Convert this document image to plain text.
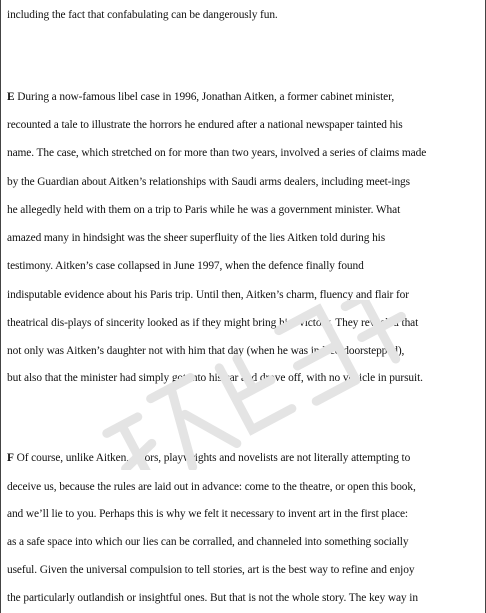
including the fact that confabulating can be dangerously fun.
E During a now-famous libel case in 1996, Jonathan Aitken, a former cabinet minister,
recounted a tale to illustrate the horrors he endured after a national newspaper tainted his
name. The case, which stretched on for more than two years, involved a series of claims made
by the Guardian about Aitken’s relationships with Saudi arms dealers, including meet-ings
he allegedly held with them on a trip to Paris while he was a government minister. What
amazed many in hindsight was the sheer superfluity of the lies Aitken told during his
testimony. Aitken’s case collapsed in June 1997, when the defence finally found
indisputable evidence about his Paris trip. Until then, Aitken’s charm, fluency and flair for
theatrical dis-plays of sincerity looked as if they might bring him victory. They revealed that
not only was Aitken’s daughter not with him that day (when he was indeed doorstepped),
but also that the minister had simply got into his car and drove off, with no vehicle in pursuit.
F Of course, unlike Aitken, actors, playwrights and novelists are not literally attempting to
deceive us, because the rules are laid out in advance: come to the theatre, or open this book,
and we’ll lie to you. Perhaps this is why we felt it necessary to invent art in the first place:
as a safe space into which our lies can be corralled, and channeled into something socially
useful. Given the universal compulsion to tell stories, art is the best way to refine and enjoy
the particularly outlandish or insightful ones. But that is not the whole story. The key way in
